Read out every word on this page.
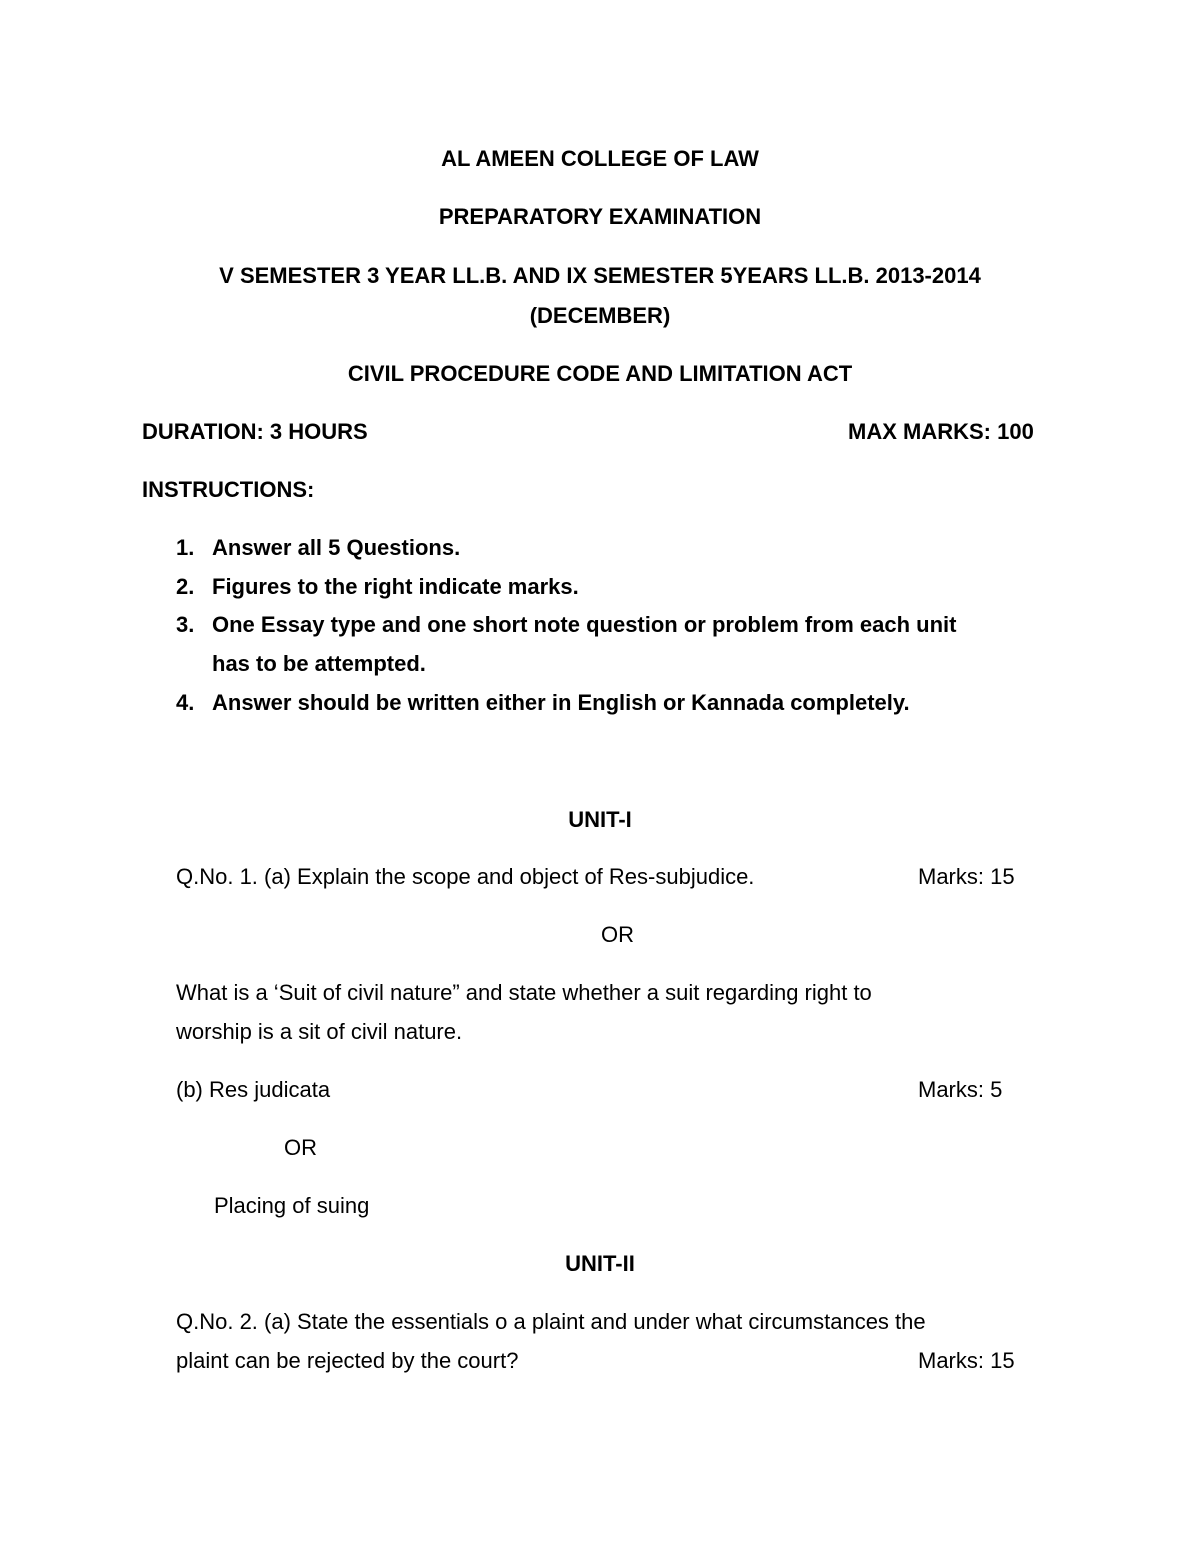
AL AMEEN COLLEGE OF LAW
PREPARATORY EXAMINATION
V SEMESTER 3 YEAR LL.B. AND IX SEMESTER 5YEARS LL.B. 2013-2014
(DECEMBER)
CIVIL PROCEDURE CODE AND LIMITATION ACT
DURATION: 3 HOURS	MAX MARKS: 100
INSTRUCTIONS:
1. Answer all 5 Questions.
2. Figures to the right indicate marks.
3. One Essay type and one short note question or problem from each unit
has to be attempted.
4. Answer should be written either in English or Kannada completely.
UNIT-I
Q.No. 1. (a) Explain the scope and object of Res-subjudice.	Marks: 15
OR
What is a ‘Suit of civil nature” and state whether a suit regarding right to
worship is a sit of civil nature.
(b) Res judicata	Marks: 5
OR
Placing of suing
UNIT-II
Q.No. 2. (a) State the essentials o a plaint and under what circumstances the
plaint can be rejected by the court?	Marks: 15
